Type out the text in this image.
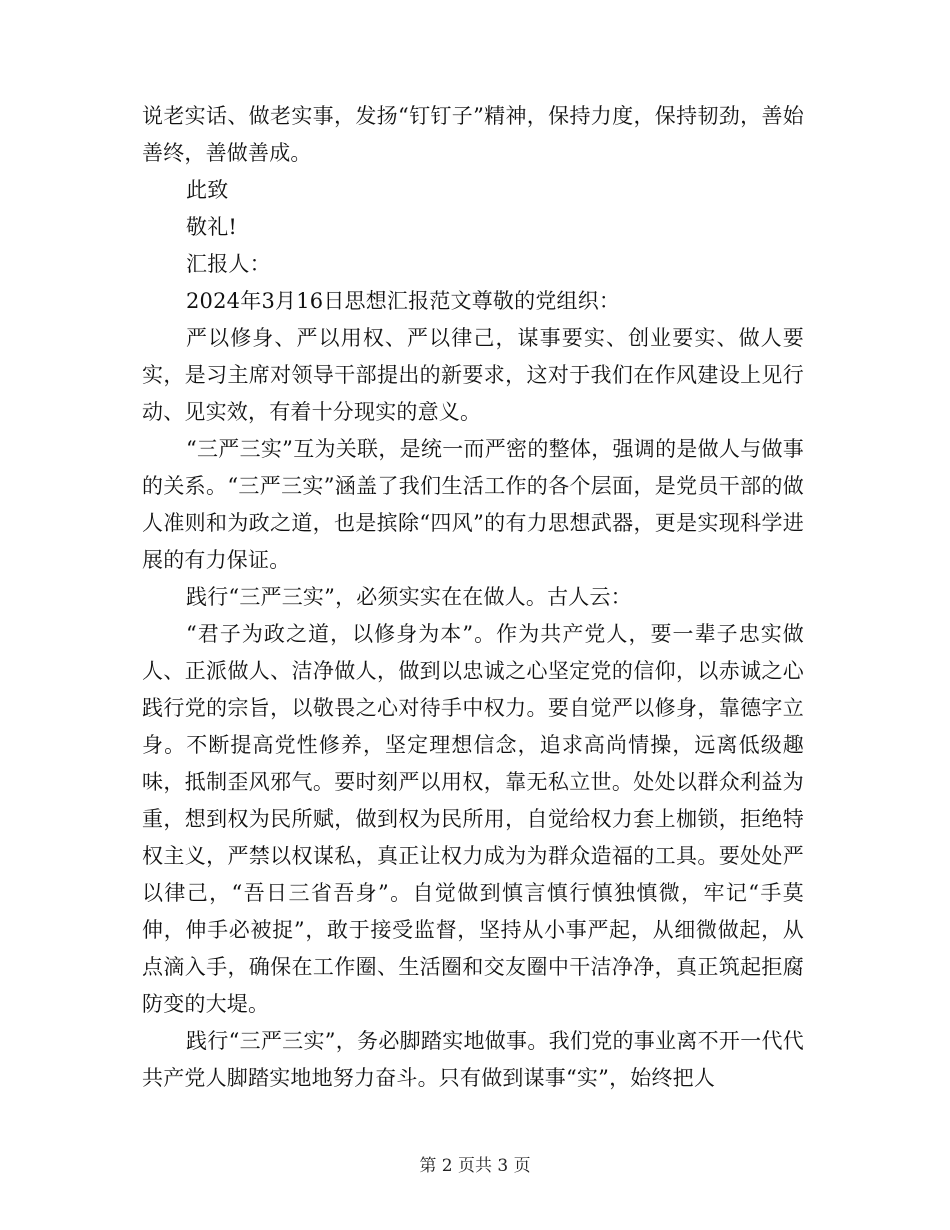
说老实话、做老实事，发扬“钉钉子”精神，保持力度，保持韧劲，善始善终，善做善成。

此致

敬礼!

汇报人：

2024年3月16日思想汇报范文尊敬的党组织：

严以修身、严以用权、严以律己，谋事要实、创业要实、做人要实，是习主席对领导干部提出的新要求，这对于我们在作风建设上见行动、见实效，有着十分现实的意义。

“三严三实”互为关联，是统一而严密的整体，强调的是做人与做事的关系。“三严三实”涵盖了我们生活工作的各个层面，是党员干部的做人准则和为政之道，也是摈除“四风”的有力思想武器，更是实现科学进展的有力保证。

践行“三严三实”，必须实实在在做人。古人云：

“君子为政之道，以修身为本”。作为共产党人，要一辈子忠实做人、正派做人、洁净做人，做到以忠诚之心坚定党的信仰，以赤诚之心践行党的宗旨，以敬畏之心对待手中权力。要自觉严以修身，靠德字立身。不断提高党性修养，坚定理想信念，追求高尚情操，远离低级趣味，抵制歪风邪气。要时刻严以用权，靠无私立世。处处以群众利益为重，想到权为民所赋，做到权为民所用，自觉给权力套上枷锁，拒绝特权主义，严禁以权谋私，真正让权力成为为群众造福的工具。要处处严以律己，“吾日三省吾身”。自觉做到慎言慎行慎独慎微，牢记“手莫伸，伸手必被捉”，敢于接受监督，坚持从小事严起，从细微做起，从点滴入手，确保在工作圈、生活圈和交友圈中干洁净净，真正筑起拒腐防变的大堤。

践行“三严三实”，务必脚踏实地做事。我们党的事业离不开一代代共产党人脚踏实地地努力奋斗。只有做到谋事“实”，始终把人

第 2 页共 3 页
